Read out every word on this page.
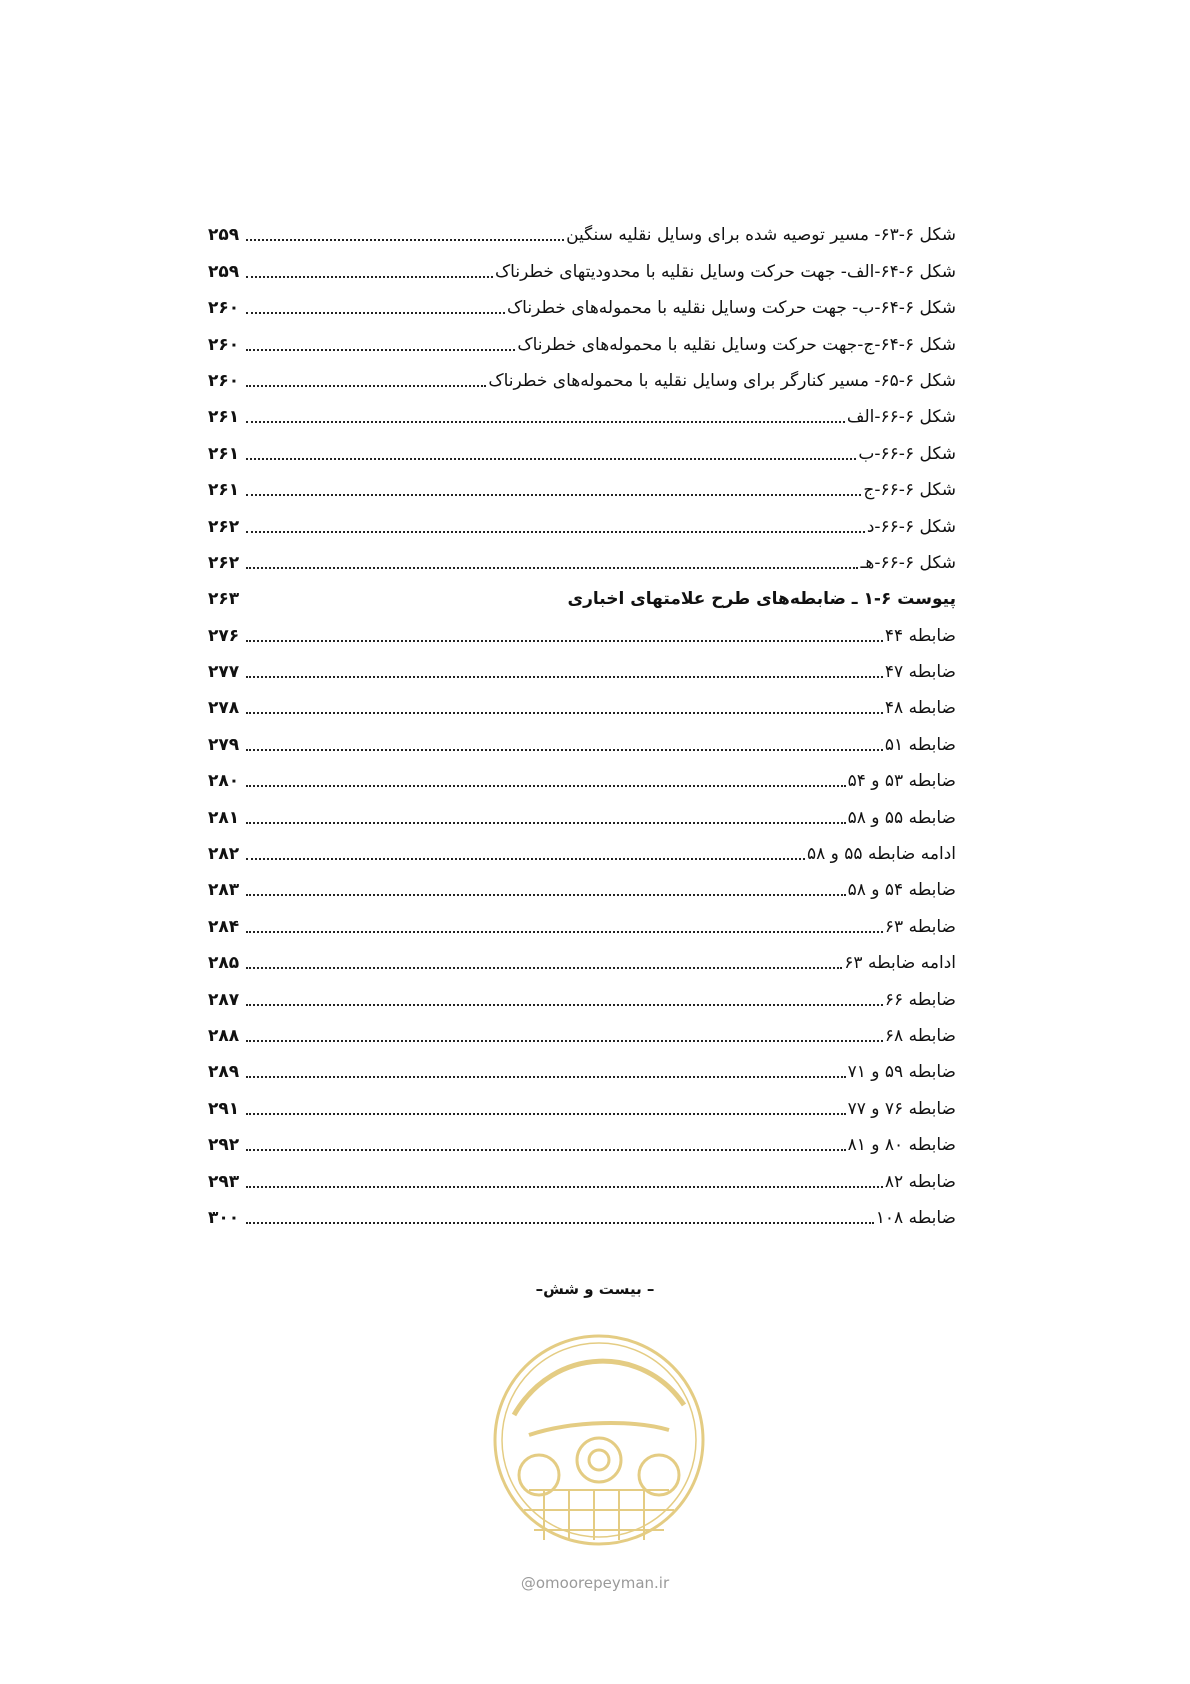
شکل ۶-۶۳- مسیر توصیه شده برای وسایل نقلیه سنگین
۲۵۹
شکل ۶-۶۴-الف- جهت حرکت وسایل نقلیه با محدودیتهای خطرناک
۲۵۹
شکل ۶-۶۴-ب- جهت حرکت وسایل نقلیه با محموله‌های خطرناک
۲۶۰
شکل ۶-۶۴-ج-جهت حرکت وسایل نقلیه با محموله‌های خطرناک
۲۶۰
شکل ۶-۶۵- مسیر کنارگر برای وسایل نقلیه با محموله‌های خطرناک
۲۶۰
شکل ۶-۶۶-الف
۲۶۱
شکل ۶-۶۶-ب
۲۶۱
شکل ۶-۶۶-ج
۲۶۱
شکل ۶-۶۶-د
۲۶۲
شکل ۶-۶۶-هـ
۲۶۲
پیوست ۶-۱ ـ ضابطه‌های طرح علامتهای اخباری
۲۶۳
ضابطه ۴۴
۲۷۶
ضابطه ۴۷
۲۷۷
ضابطه ۴۸
۲۷۸
ضابطه ۵۱
۲۷۹
ضابطه ۵۳ و ۵۴
۲۸۰
ضابطه ۵۵ و ۵۸
۲۸۱
ادامه ضابطه ۵۵ و ۵۸
۲۸۲
ضابطه ۵۴ و ۵۸
۲۸۳
ضابطه ۶۳
۲۸۴
ادامه ضابطه ۶۳
۲۸۵
ضابطه ۶۶
۲۸۷
ضابطه ۶۸
۲۸۸
ضابطه ۵۹ و ۷۱
۲۸۹
ضابطه ۷۶ و ۷۷
۲۹۱
ضابطه ۸۰ و ۸۱
۲۹۲
ضابطه ۸۲
۲۹۳
ضابطه ۱۰۸
۳۰۰
– بیست و شش–
@omoorepeyman.ir
